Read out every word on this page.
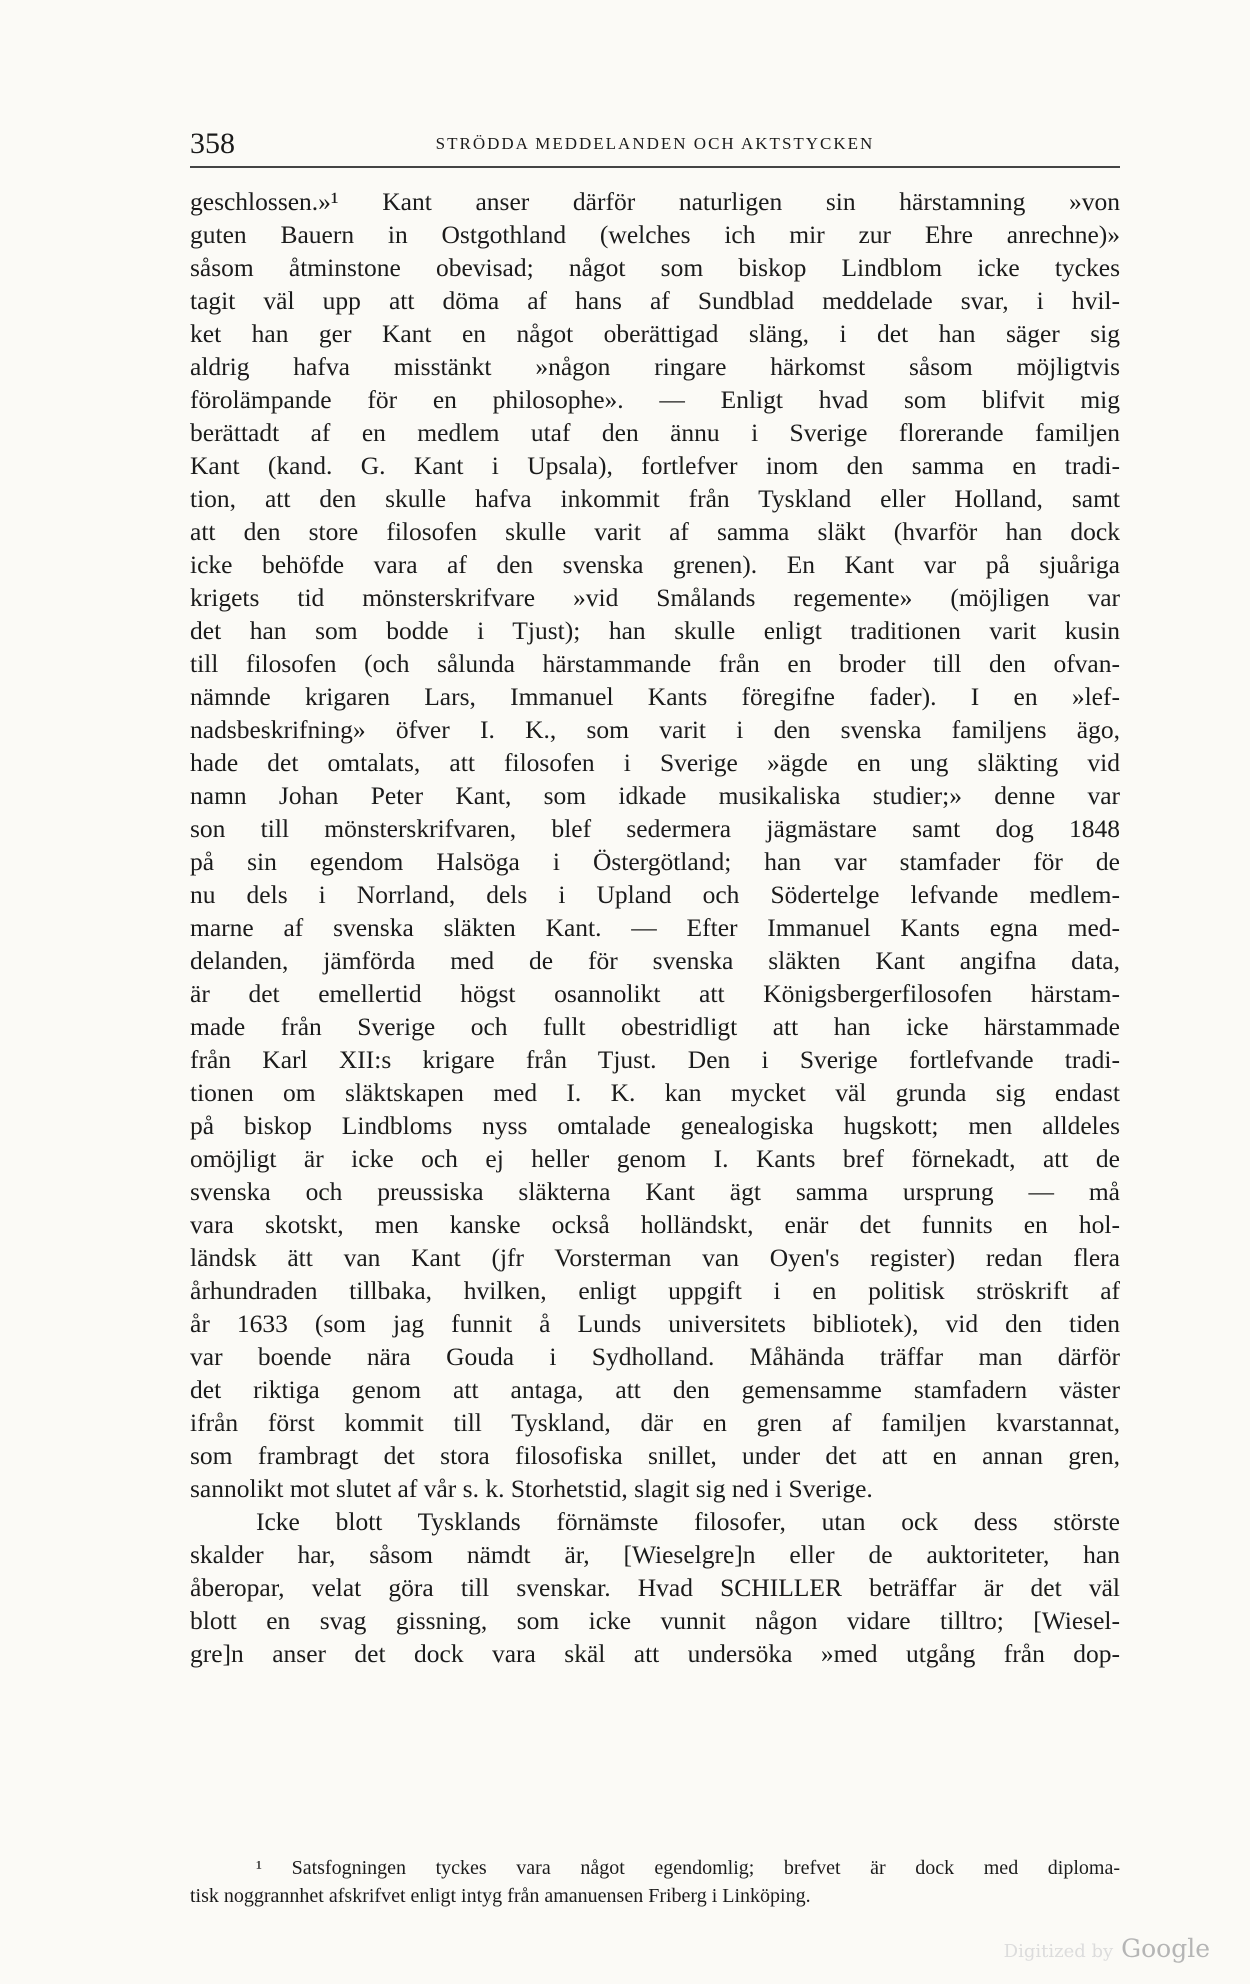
358	STRÖDDA MEDDELANDEN OCH AKTSTYCKEN
geschlossen.»¹ Kant anser därför naturligen sin härstamning »von
guten Bauern in Ostgothland (welches ich mir zur Ehre anrechne)»
såsom åtminstone obevisad; något som biskop Lindblom icke tyckes
tagit väl upp att döma af hans af Sundblad meddelade svar, i hvil-
ket han ger Kant en något oberättigad släng, i det han säger sig
aldrig hafva misstänkt »någon ringare härkomst såsom möjligtvis
förolämpande för en philosophe». — Enligt hvad som blifvit mig
berättadt af en medlem utaf den ännu i Sverige florerande familjen
Kant (kand. G. Kant i Upsala), fortlefver inom den samma en tradi-
tion, att den skulle hafva inkommit från Tyskland eller Holland, samt
att den store filosofen skulle varit af samma släkt (hvarför han dock
icke behöfde vara af den svenska grenen). En Kant var på sjuåriga
krigets tid mönsterskrifvare »vid Smålands regemente» (möjligen var
det han som bodde i Tjust); han skulle enligt traditionen varit kusin
till filosofen (och sålunda härstammande från en broder till den ofvan-
nämnde krigaren Lars, Immanuel Kants föregifne fader). I en »lef-
nadsbeskrifning» öfver I. K., som varit i den svenska familjens ägo,
hade det omtalats, att filosofen i Sverige »ägde en ung släkting vid
namn Johan Peter Kant, som idkade musikaliska studier;» denne var
son till mönsterskrifvaren, blef sedermera jägmästare samt dog 1848
på sin egendom Halsöga i Östergötland; han var stamfader för de
nu dels i Norrland, dels i Upland och Södertelge lefvande medlem-
marne af svenska släkten Kant. — Efter Immanuel Kants egna med-
delanden, jämförda med de för svenska släkten Kant angifna data,
är det emellertid högst osannolikt att Königsbergerfilosofen härstam-
made från Sverige och fullt obestridligt att han icke härstammade
från Karl XII:s krigare från Tjust. Den i Sverige fortlefvande tradi-
tionen om släktskapen med I. K. kan mycket väl grunda sig endast
på biskop Lindbloms nyss omtalade genealogiska hugskott; men alldeles
omöjligt är icke och ej heller genom I. Kants bref förnekadt, att de
svenska och preussiska släkterna Kant ägt samma ursprung — må
vara skotskt, men kanske också holländskt, enär det funnits en hol-
ländsk ätt van Kant (jfr Vorsterman van Oyen's register) redan flera
århundraden tillbaka, hvilken, enligt uppgift i en politisk ströskrift af
år 1633 (som jag funnit å Lunds universitets bibliotek), vid den tiden
var boende nära Gouda i Sydholland. Måhända träffar man därför
det riktiga genom att antaga, att den gemensamme stamfadern väster
ifrån först kommit till Tyskland, där en gren af familjen kvarstannat,
som frambragt det stora filosofiska snillet, under det att en annan gren,
sannolikt mot slutet af vår s. k. Storhetstid, slagit sig ned i Sverige.
Icke blott Tysklands förnämste filosofer, utan ock dess störste
skalder har, såsom nämdt är, [Wieselgre]n eller de auktoriteter, han
åberopar, velat göra till svenskar. Hvad SCHILLER beträffar är det väl
blott en svag gissning, som icke vunnit någon vidare tilltro; [Wiesel-
gre]n anser det dock vara skäl att undersöka »med utgång från dop-
¹ Satsfogningen tyckes vara något egendomlig; brefvet är dock med diploma-
tisk noggrannhet afskrifvet enligt intyg från amanuensen Friberg i Linköping.
Digitized by Google
